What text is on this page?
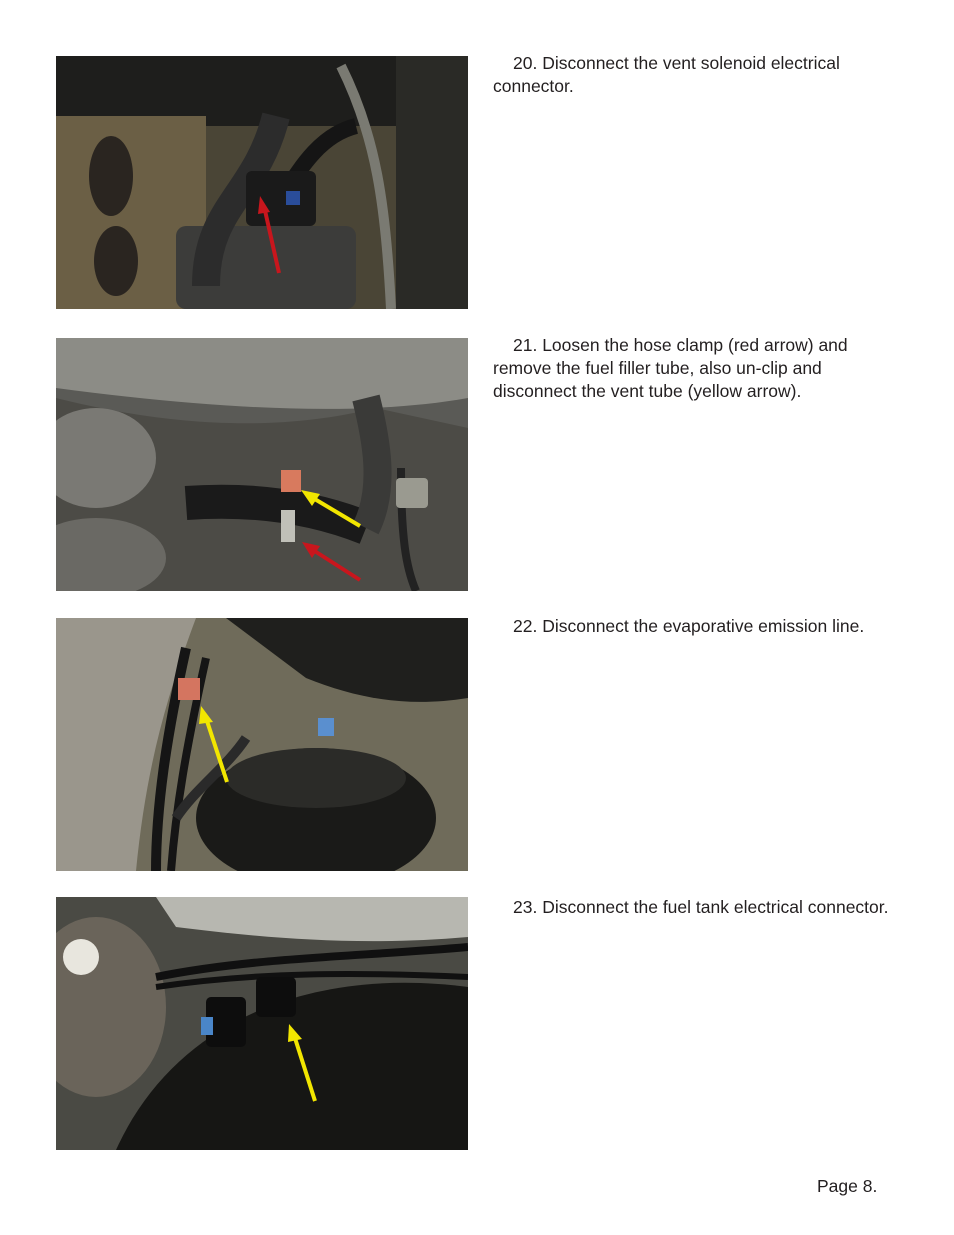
20. Disconnect the vent solenoid electrical connector.

21. Loosen the hose clamp (red arrow) and remove the fuel filler tube, also un-clip and disconnect the vent tube (yellow arrow).

22. Disconnect the evaporative emission line.

23. Disconnect the fuel tank electrical connector.

Page 8.
